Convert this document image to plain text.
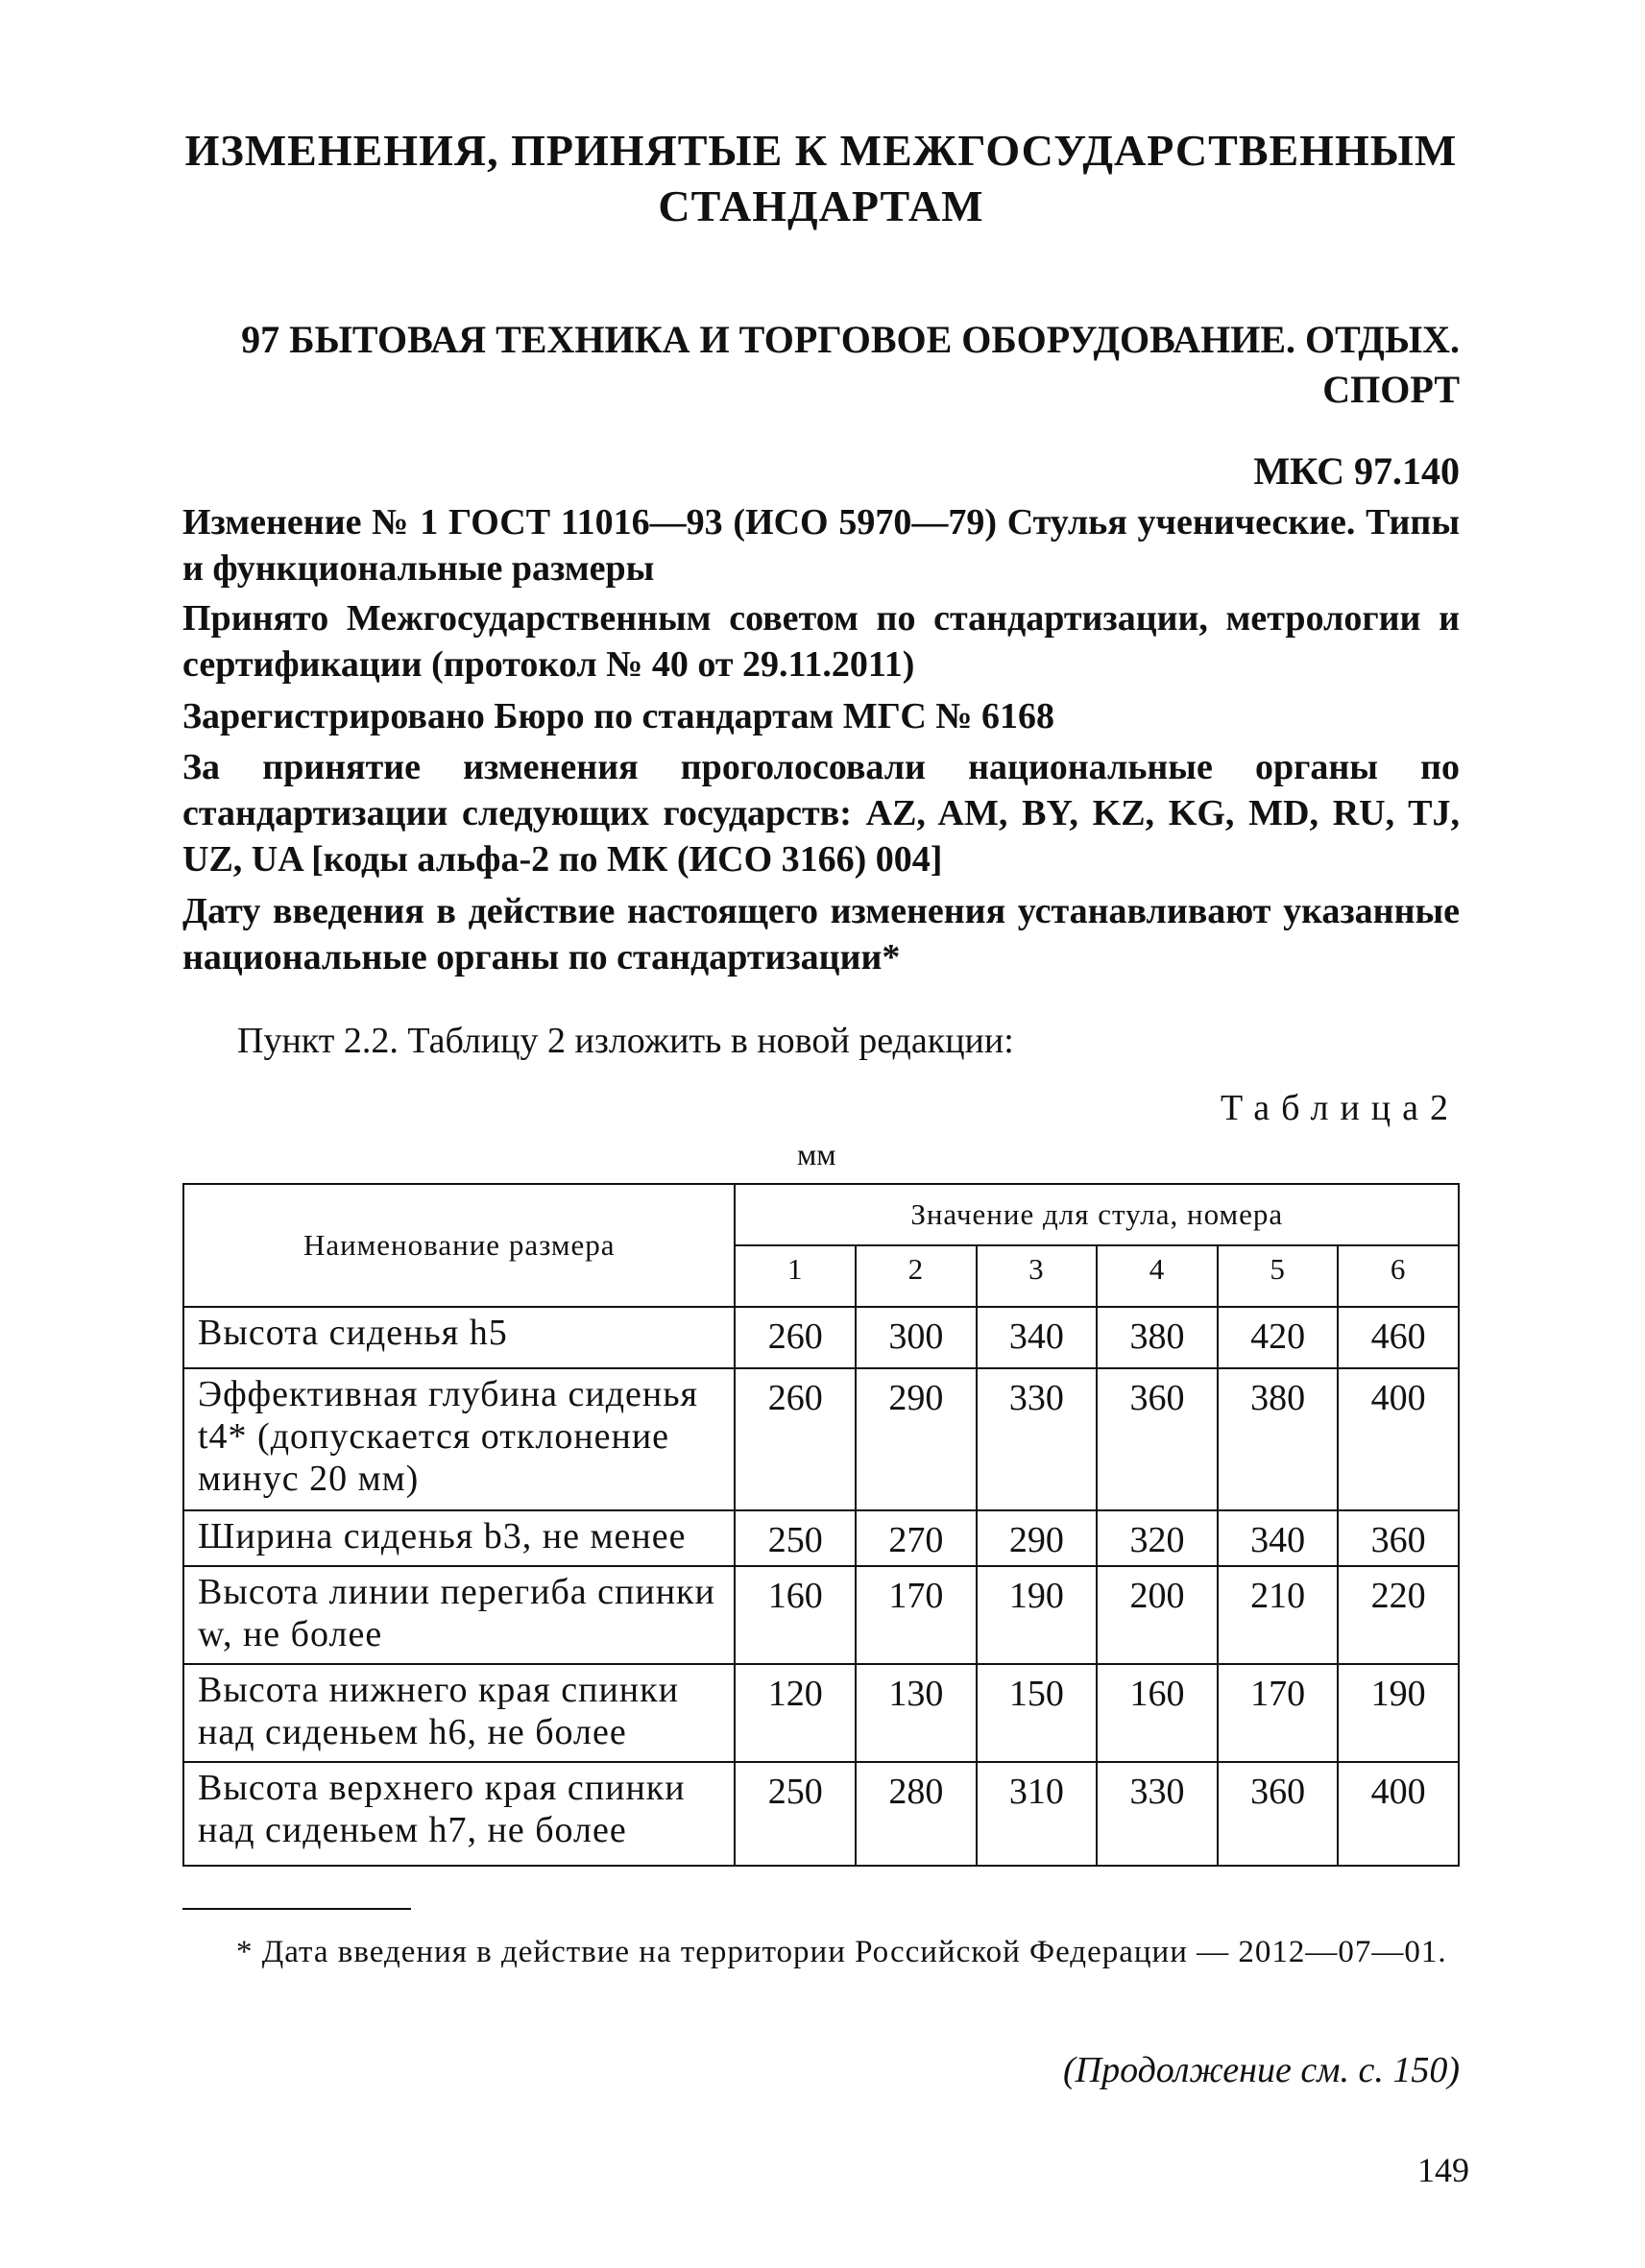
ИЗМЕНЕНИЯ, ПРИНЯТЫЕ К МЕЖГОСУДАРСТВЕННЫМ
СТАНДАРТАМ
97 БЫТОВАЯ ТЕХНИКА И ТОРГОВОЕ ОБОРУДОВАНИЕ. ОТДЫХ.
СПОРТ
МКС 97.140
Изменение № 1 ГОСТ 11016—93 (ИСО 5970—79) Стулья ученические. Типы и функциональные размеры
Принято Межгосударственным советом по стандартизации, метрологии и сертификации (протокол № 40 от 29.11.2011)
Зарегистрировано Бюро по стандартам МГС № 6168
За принятие изменения проголосовали национальные органы по стандартизации следующих государств: AZ, AM, BY, KZ, KG, MD, RU, TJ, UZ, UA [коды альфа-2 по МК (ИСО 3166) 004]
Дату введения в действие настоящего изменения устанавливают указанные национальные органы по стандартизации*
Пункт 2.2. Таблицу 2 изложить в новой редакции:
Таблица2
мм
Наименование размера	Значение для стула, номера					
	1	2	3	4	5	6
Высота сиденья h5	260	300	340	380	420	460
Эффективная глубина сиденья t4* (допускается отклонение минус 20 мм)	260	290	330	360	380	400
Ширина сиденья b3, не менее	250	270	290	320	340	360
Высота линии перегиба спинки w, не более	160	170	190	200	210	220
Высота нижнего края спинки над сиденьем h6, не более	120	130	150	160	170	190
Высота верхнего края спинки над сиденьем h7, не более	250	280	310	330	360	400
* Дата введения в действие на территории Российской Федерации — 2012—07—01.
(Продолжение см. с. 150)
149
